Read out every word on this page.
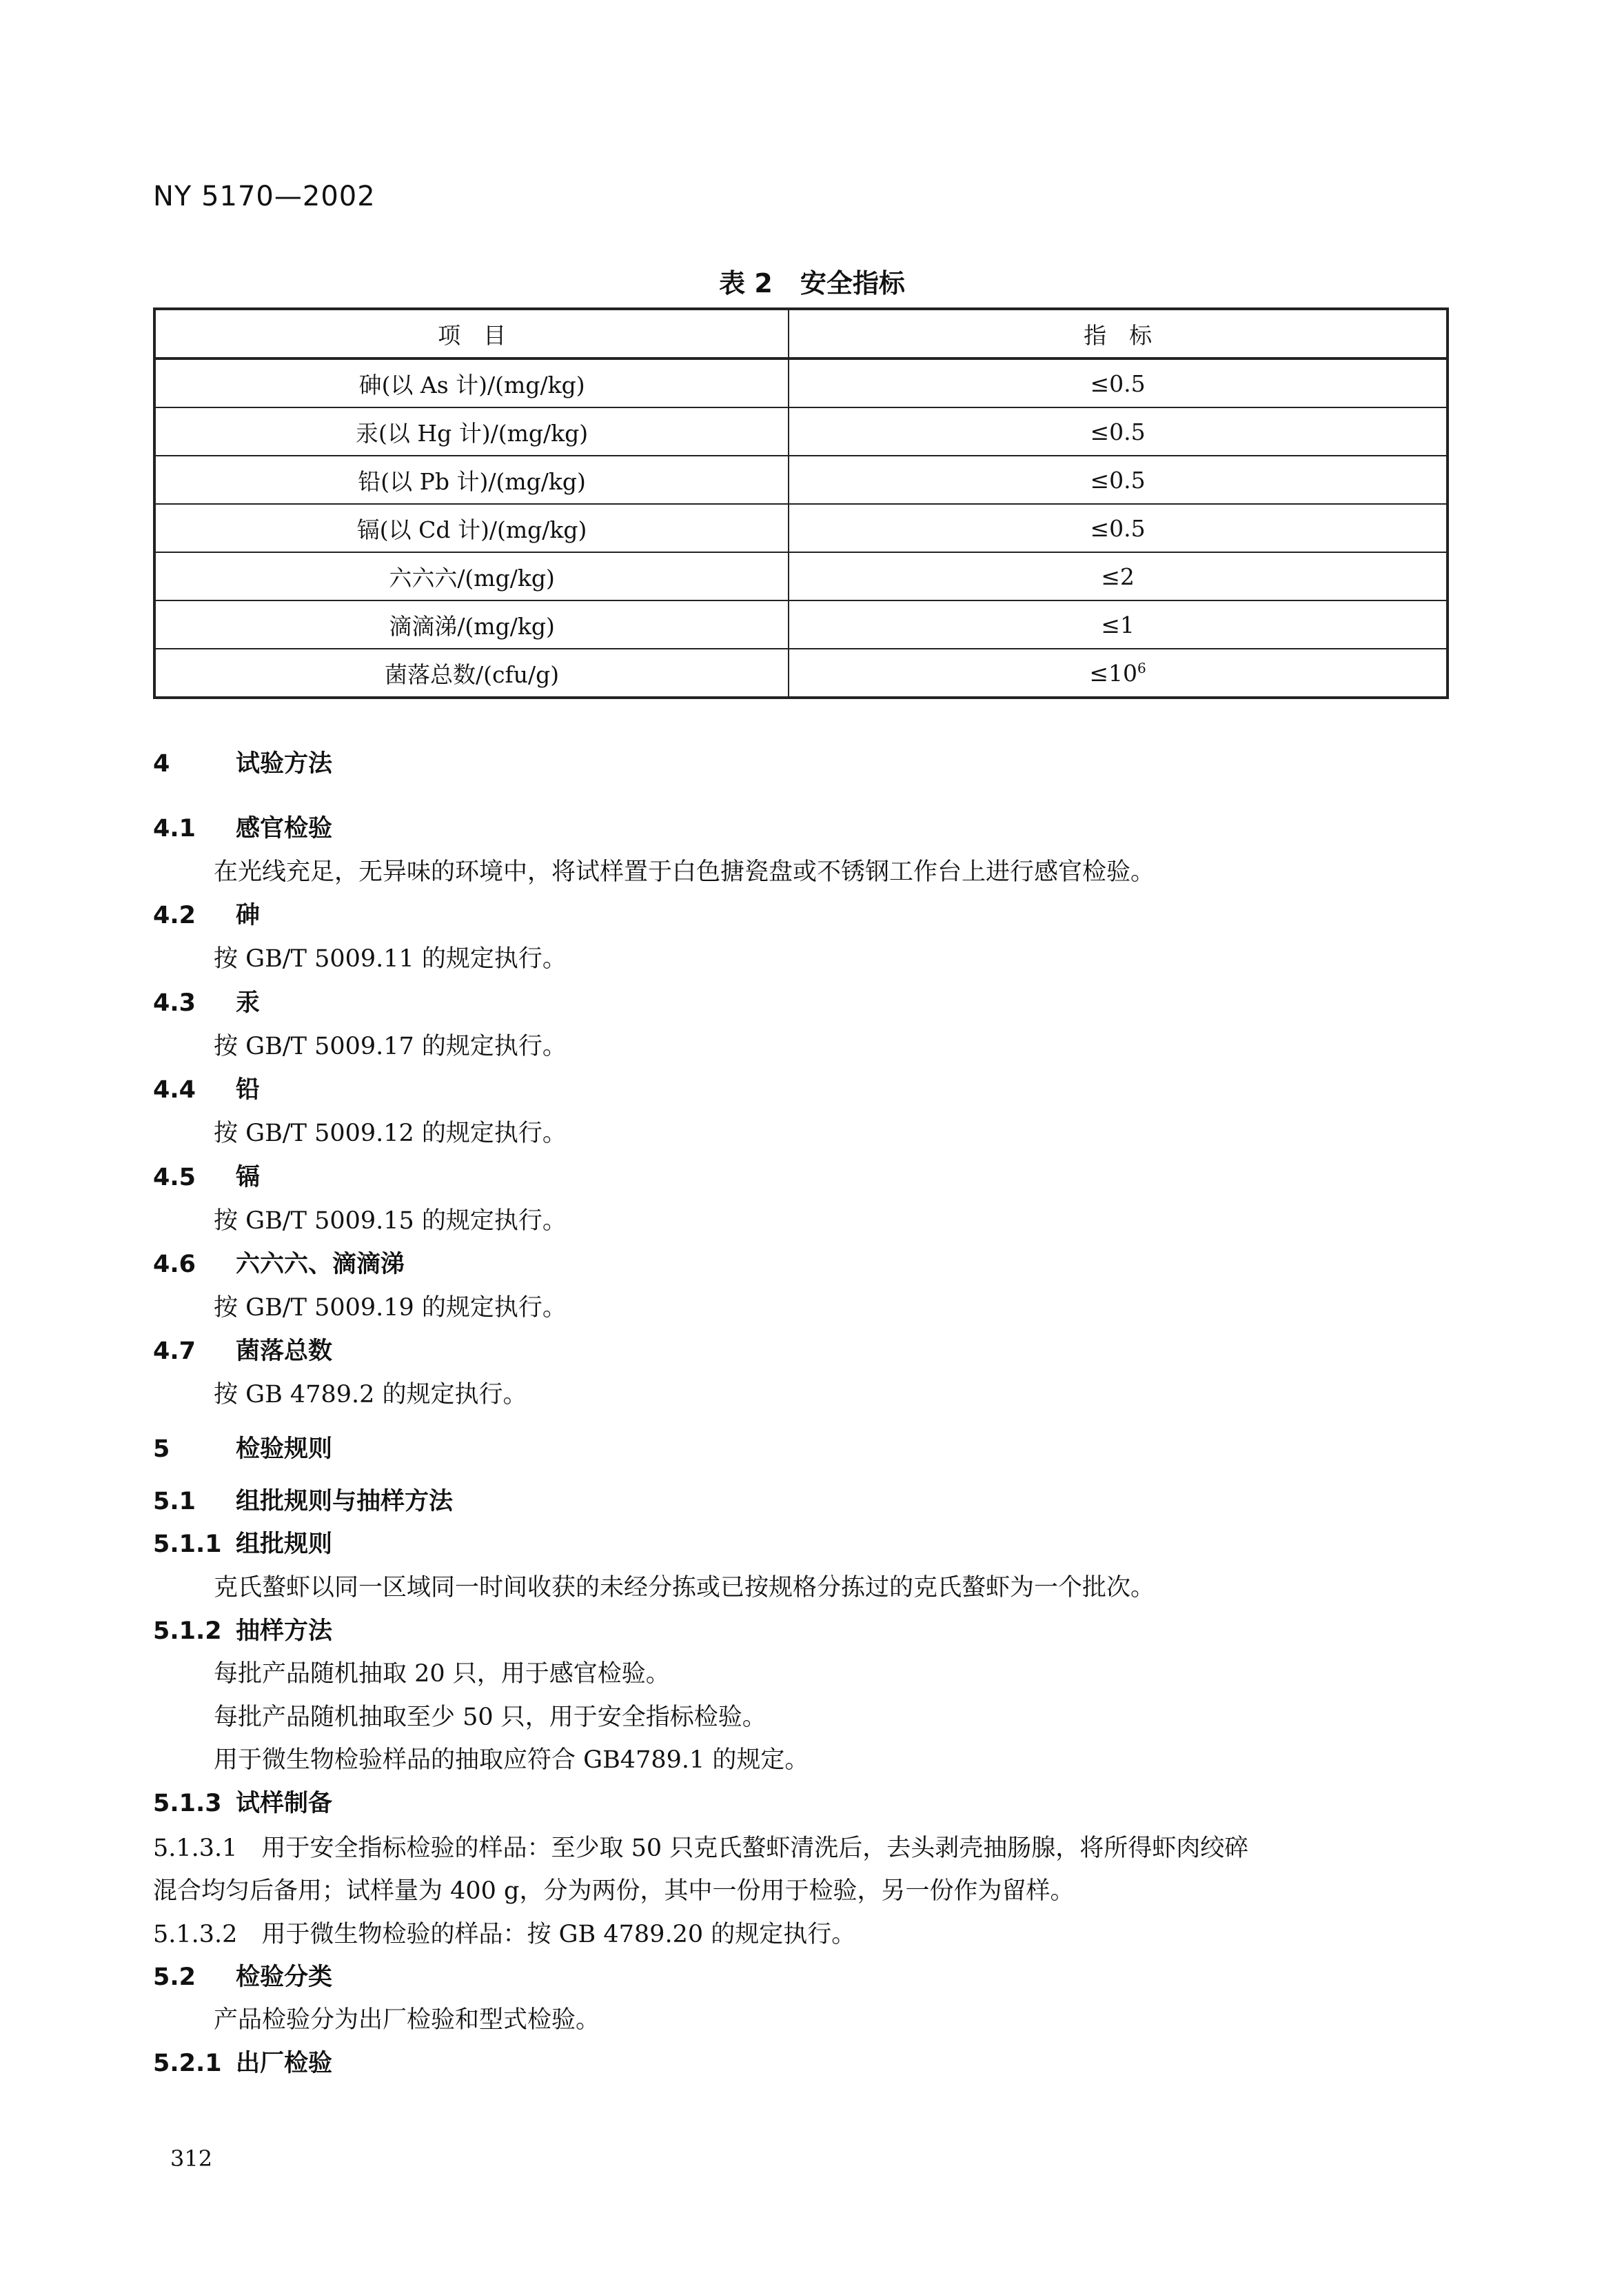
NY 5170—2002
表 2 安全指标
项　目	指　标
砷(以 As 计)/(mg/kg)	≤0.5
汞(以 Hg 计)/(mg/kg)	≤0.5
铅(以 Pb 计)/(mg/kg)	≤0.5
镉(以 Cd 计)/(mg/kg)	≤0.5
六六六/(mg/kg)	≤2
滴滴涕/(mg/kg)	≤1
菌落总数/(cfu/g)	$\le 10^6$
4	试验方法
4.1 感官检验
在光线充足，无异味的环境中，将试样置于白色搪瓷盘或不锈钢工作台上进行感官检验。
4.2 砷
按 GB/T 5009.11 的规定执行。
4.3 汞
按 GB/T 5009.17 的规定执行。
4.4 铅
按 GB/T 5009.12 的规定执行。
4.5 镉
按 GB/T 5009.15 的规定执行。
4.6 六六六、滴滴涕
按 GB/T 5009.19 的规定执行。
4.7 菌落总数
按 GB 4789.2 的规定执行。
5	检验规则
5.1 组批规则与抽样方法
5.1.1 组批规则
克氏螯虾以同一区域同一时间收获的未经分拣或已按规格分拣过的克氏螯虾为一个批次。
5.1.2 抽样方法
每批产品随机抽取 20 只，用于感官检验。
每批产品随机抽取至少 50 只，用于安全指标检验。
用于微生物检验样品的抽取应符合 GB4789.1 的规定。
5.1.3 试样制备
5.1.3.1　用于安全指标检验的样品：至少取 50 只克氏螯虾清洗后，去头剥壳抽肠腺，将所得虾肉绞碎
混合均匀后备用；试样量为 400 g，分为两份，其中一份用于检验，另一份作为留样。
5.1.3.2　用于微生物检验的样品：按 GB 4789.20 的规定执行。
5.2 检验分类
产品检验分为出厂检验和型式检验。
5.2.1 出厂检验
312
